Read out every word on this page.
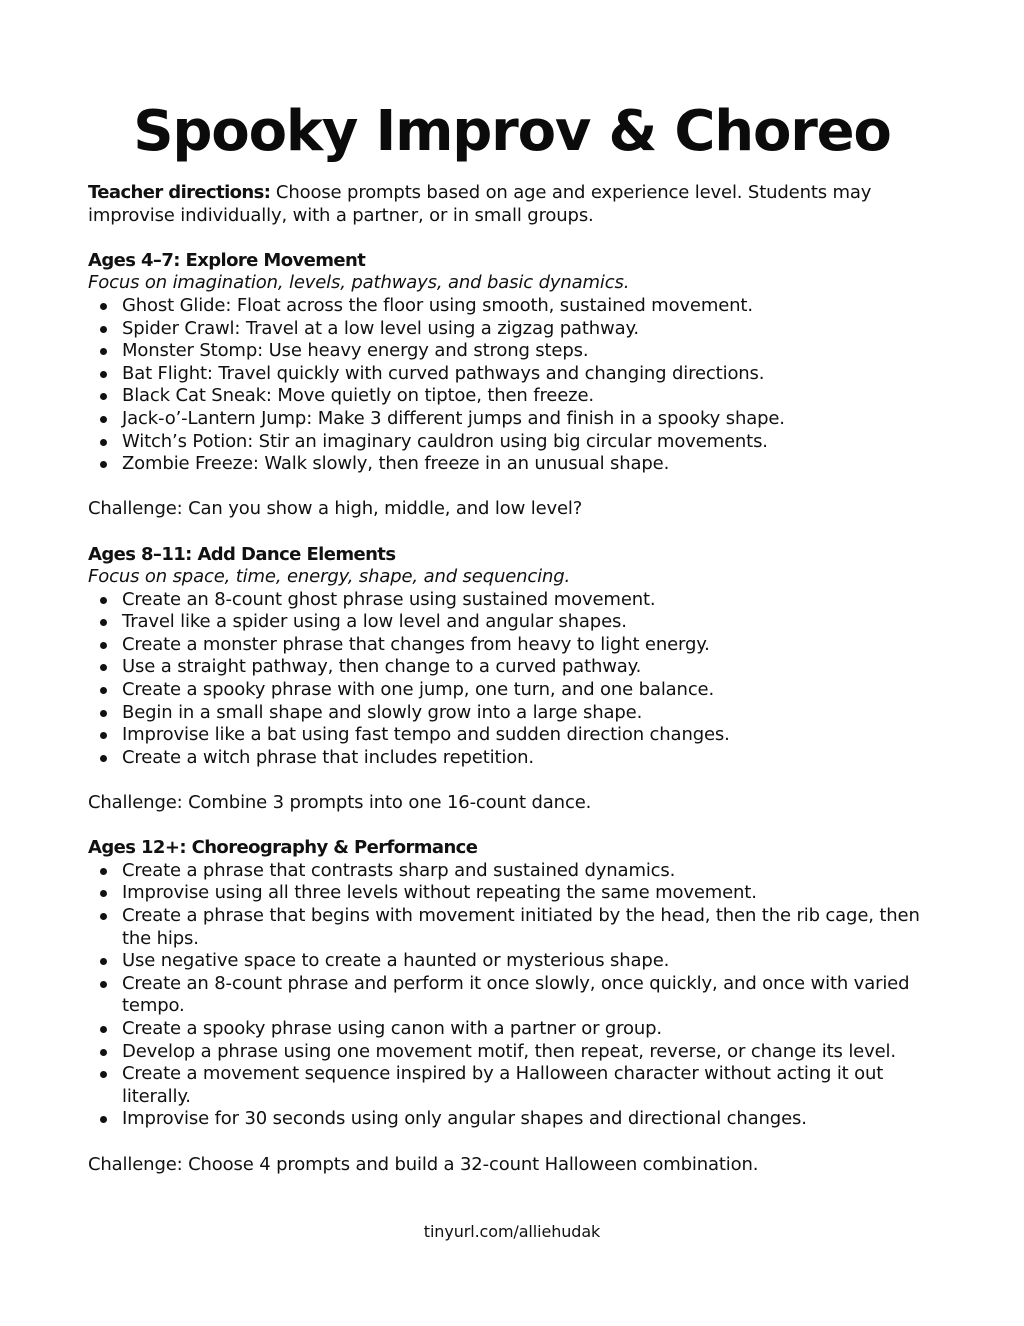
Spooky Improv & Choreo

Teacher directions: Choose prompts based on age and experience level. Students may improvise individually, with a partner, or in small groups.

Ages 4–7: Explore Movement

Focus on imagination, levels, pathways, and basic dynamics.

Ghost Glide: Float across the floor using smooth, sustained movement.
Spider Crawl: Travel at a low level using a zigzag pathway.
Monster Stomp: Use heavy energy and strong steps.
Bat Flight: Travel quickly with curved pathways and changing directions.
Black Cat Sneak: Move quietly on tiptoe, then freeze.
Jack-o’-Lantern Jump: Make 3 different jumps and finish in a spooky shape.
Witch’s Potion: Stir an imaginary cauldron using big circular movements.
Zombie Freeze: Walk slowly, then freeze in an unusual shape.

Challenge: Can you show a high, middle, and low level?

Ages 8–11: Add Dance Elements

Focus on space, time, energy, shape, and sequencing.

Create an 8-count ghost phrase using sustained movement.
Travel like a spider using a low level and angular shapes.
Create a monster phrase that changes from heavy to light energy.
Use a straight pathway, then change to a curved pathway.
Create a spooky phrase with one jump, one turn, and one balance.
Begin in a small shape and slowly grow into a large shape.
Improvise like a bat using fast tempo and sudden direction changes.
Create a witch phrase that includes repetition.

Challenge: Combine 3 prompts into one 16-count dance.

Ages 12+: Choreography & Performance

Create a phrase that contrasts sharp and sustained dynamics.
Improvise using all three levels without repeating the same movement.
Create a phrase that begins with movement initiated by the head, then the rib cage, then the hips.
Use negative space to create a haunted or mysterious shape.
Create an 8-count phrase and perform it once slowly, once quickly, and once with varied tempo.
Create a spooky phrase using canon with a partner or group.
Develop a phrase using one movement motif, then repeat, reverse, or change its level.
Create a movement sequence inspired by a Halloween character without acting it out literally.
Improvise for 30 seconds using only angular shapes and directional changes.

Challenge: Choose 4 prompts and build a 32-count Halloween combination.

tinyurl.com/alliehudak
